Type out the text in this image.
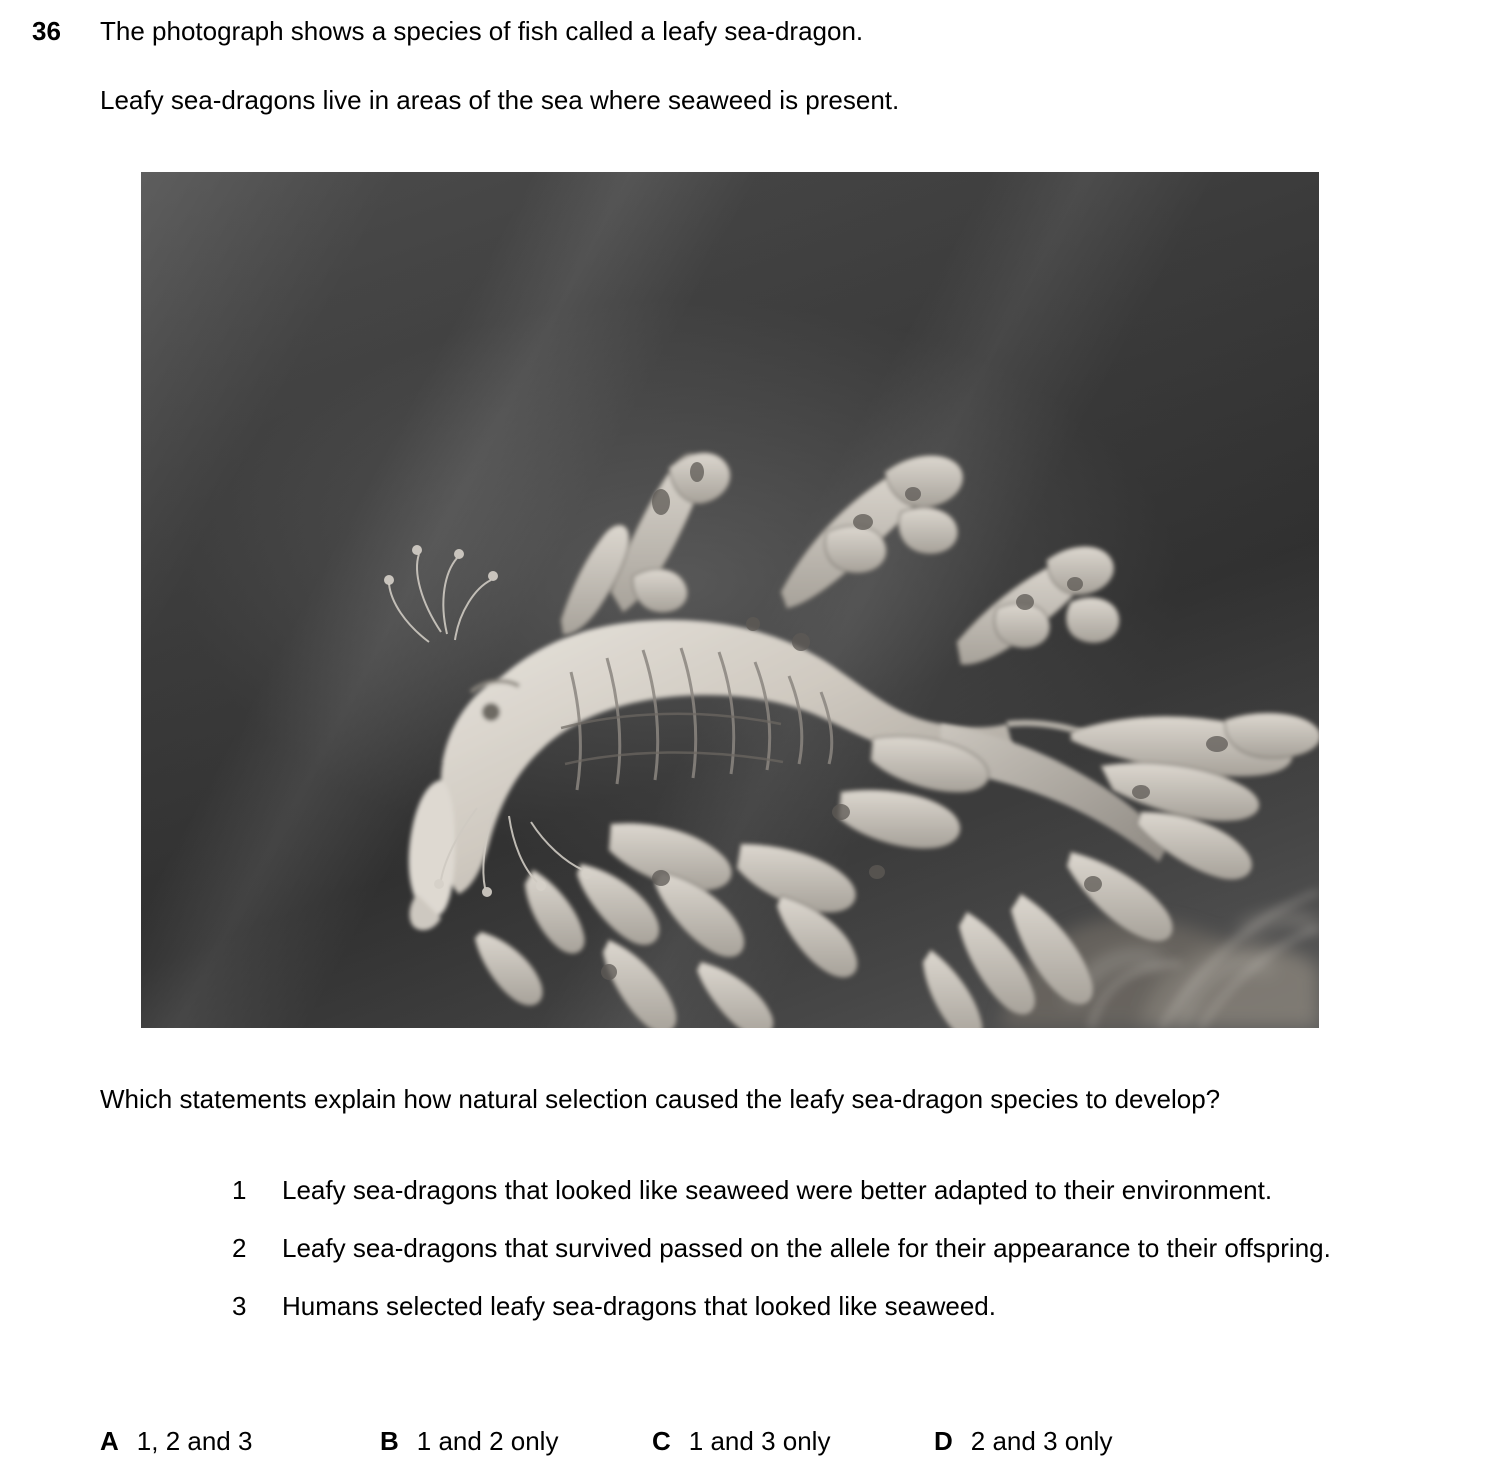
36	The photograph shows a species of fish called a leafy sea-dragon.
Leafy sea-dragons live in areas of the sea where seaweed is present.
Which statements explain how natural selection caused the leafy sea-dragon species to develop?
1	Leafy sea-dragons that looked like seaweed were better adapted to their environment.
2	Leafy sea-dragons that survived passed on the allele for their appearance to their offspring.
3	Humans selected leafy sea-dragons that looked like seaweed.
A 1, 2 and 3	B 1 and 2 only	C 1 and 3 only	D 2 and 3 only
